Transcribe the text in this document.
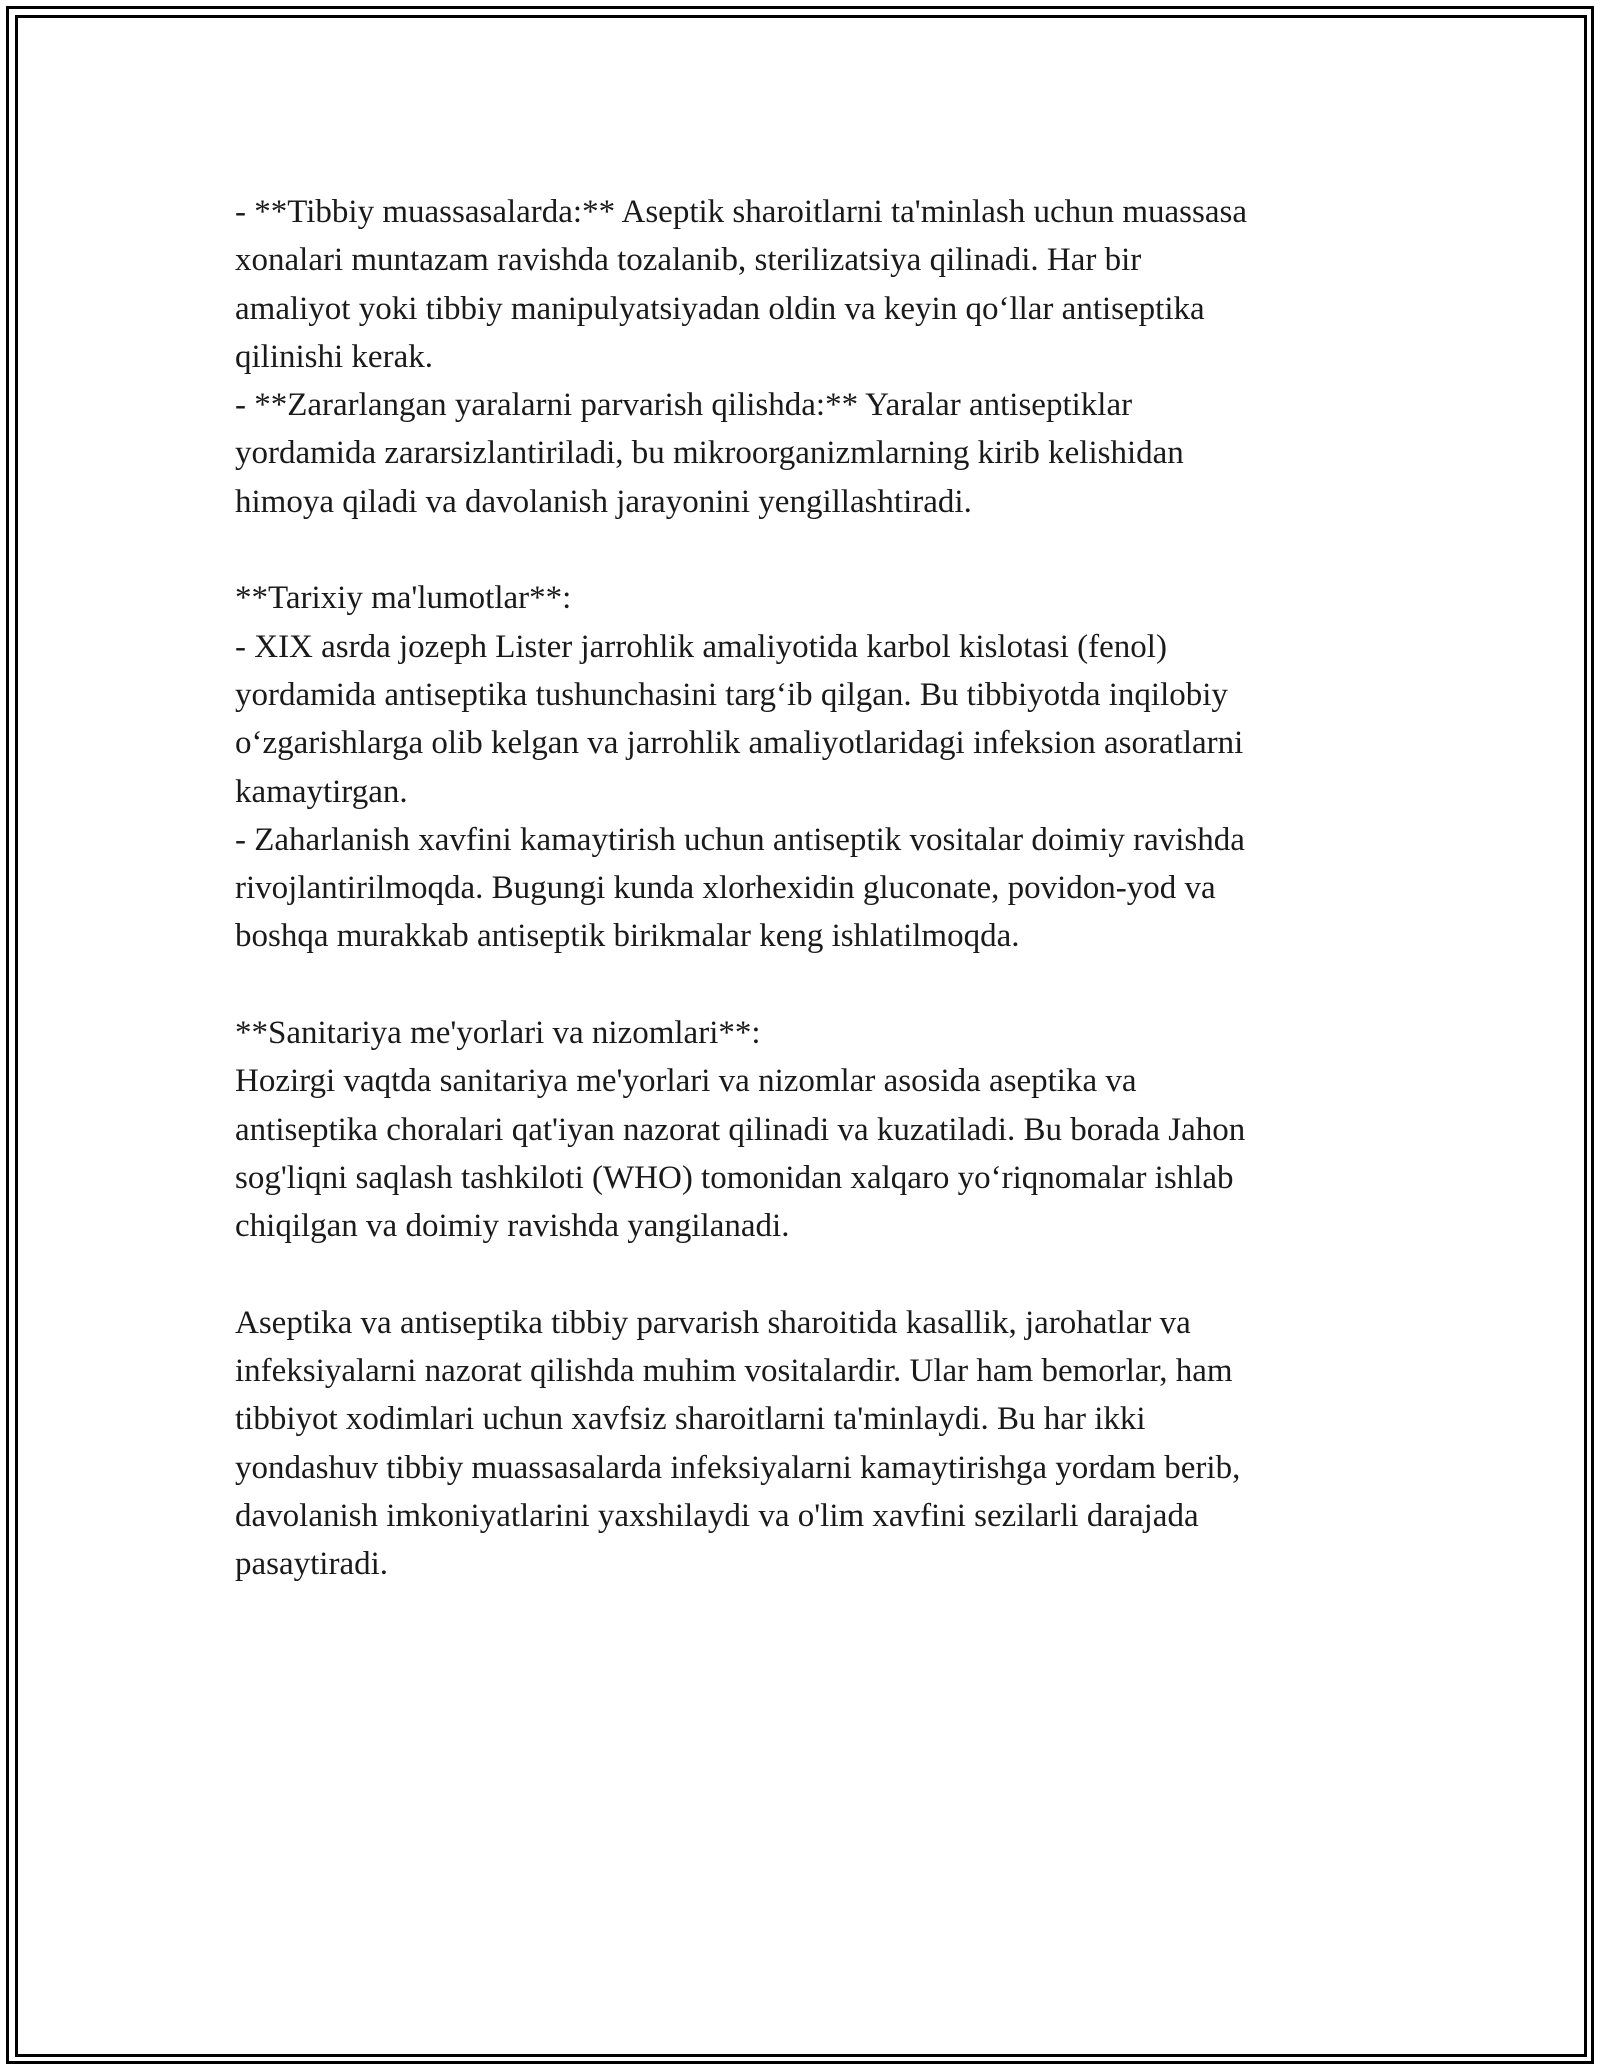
- **Tibbiy muassasalarda:** Aseptik sharoitlarni ta'minlash uchun muassasa
xonalari muntazam ravishda tozalanib, sterilizatsiya qilinadi. Har bir
amaliyot yoki tibbiy manipulyatsiyadan oldin va keyin qo‘llar antiseptika
qilinishi kerak.
- **Zararlangan yaralarni parvarish qilishda:** Yaralar antiseptiklar
yordamida zararsizlantiriladi, bu mikroorganizmlarning kirib kelishidan
himoya qiladi va davolanish jarayonini yengillashtiradi.
**Tarixiy ma'lumotlar**:
- XIX asrda jozeph Lister jarrohlik amaliyotida karbol kislotasi (fenol)
yordamida antiseptika tushunchasini targ‘ib qilgan. Bu tibbiyotda inqilobiy
o‘zgarishlarga olib kelgan va jarrohlik amaliyotlaridagi infeksion asoratlarni
kamaytirgan.
- Zaharlanish xavfini kamaytirish uchun antiseptik vositalar doimiy ravishda
rivojlantirilmoqda. Bugungi kunda xlorhexidin gluconate, povidon-yod va
boshqa murakkab antiseptik birikmalar keng ishlatilmoqda.
**Sanitariya me'yorlari va nizomlari**:
Hozirgi vaqtda sanitariya me'yorlari va nizomlar asosida aseptika va
antiseptika choralari qat'iyan nazorat qilinadi va kuzatiladi. Bu borada Jahon
sog'liqni saqlash tashkiloti (WHO) tomonidan xalqaro yo‘riqnomalar ishlab
chiqilgan va doimiy ravishda yangilanadi.
Aseptika va antiseptika tibbiy parvarish sharoitida kasallik, jarohatlar va
infeksiyalarni nazorat qilishda muhim vositalardir. Ular ham bemorlar, ham
tibbiyot xodimlari uchun xavfsiz sharoitlarni ta'minlaydi. Bu har ikki
yondashuv tibbiy muassasalarda infeksiyalarni kamaytirishga yordam berib,
davolanish imkoniyatlarini yaxshilaydi va o'lim xavfini sezilarli darajada
pasaytiradi.
